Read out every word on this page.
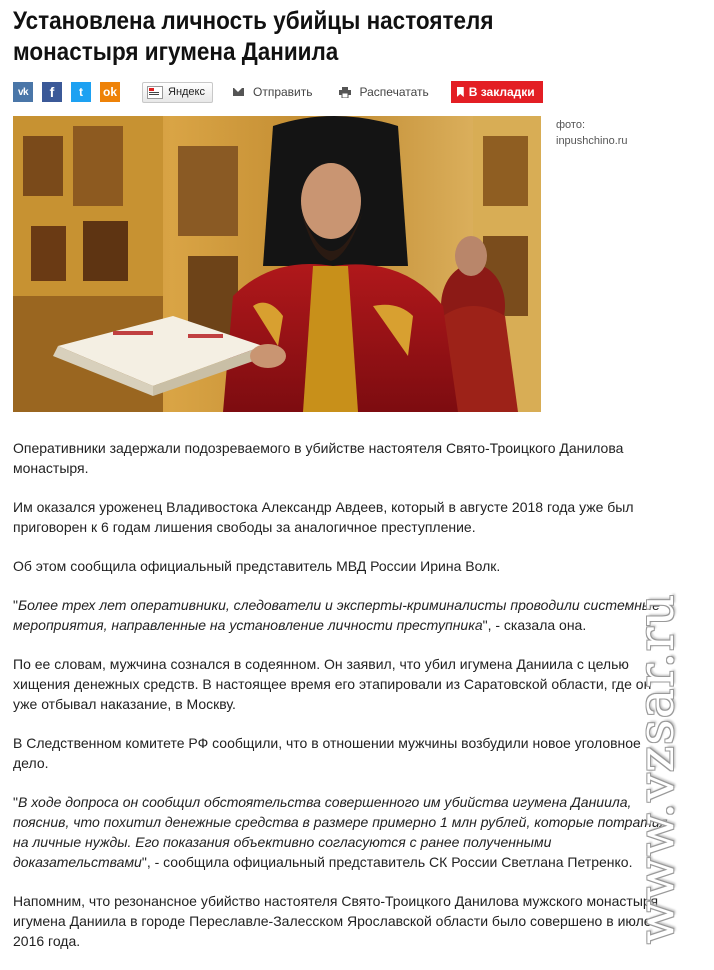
Установлена личность убийцы настоятеля монастыря игумена Даниила
vk f t ok	Яндекс	Отправить	Распечатать	В закладки
фото:
inpushchino.ru

Оперативники задержали подозреваемого в убийстве настоятеля Свято-Троицкого Данилова монастыря.

Им оказался уроженец Владивостока Александр Авдеев, который в августе 2018 года уже был приговорен к 6 годам лишения свободы за аналогичное преступление.

Об этом сообщила официальный представитель МВД России Ирина Волк.

"Более трех лет оперативники, следователи и эксперты-криминалисты проводили системные мероприятия, направленные на установление личности преступника", - сказала она.

По ее словам, мужчина сознался в содеянном. Он заявил, что убил игумена Даниила с целью хищения денежных средств. В настоящее время его этапировали из Саратовской области, где он уже отбывал наказание, в Москву.

В Следственном комитете РФ сообщили, что в отношении мужчины возбудили новое уголовное дело.

"В ходе допроса он сообщил обстоятельства совершенного им убийства игумена Даниила, пояснив, что похитил денежные средства в размере примерно 1 млн рублей, которые потратил на личные нужды. Его показания объективно согласуются с ранее полученными доказательствами", - сообщила официальный представитель СК России Светлана Петренко.

Напомним, что резонансное убийство настоятеля Свято-Троицкого Данилова мужского монастыря игумена Даниила в городе Переславле-Залесском Ярославской области было совершено в июле 2016 года.	www.vzsar.ru
